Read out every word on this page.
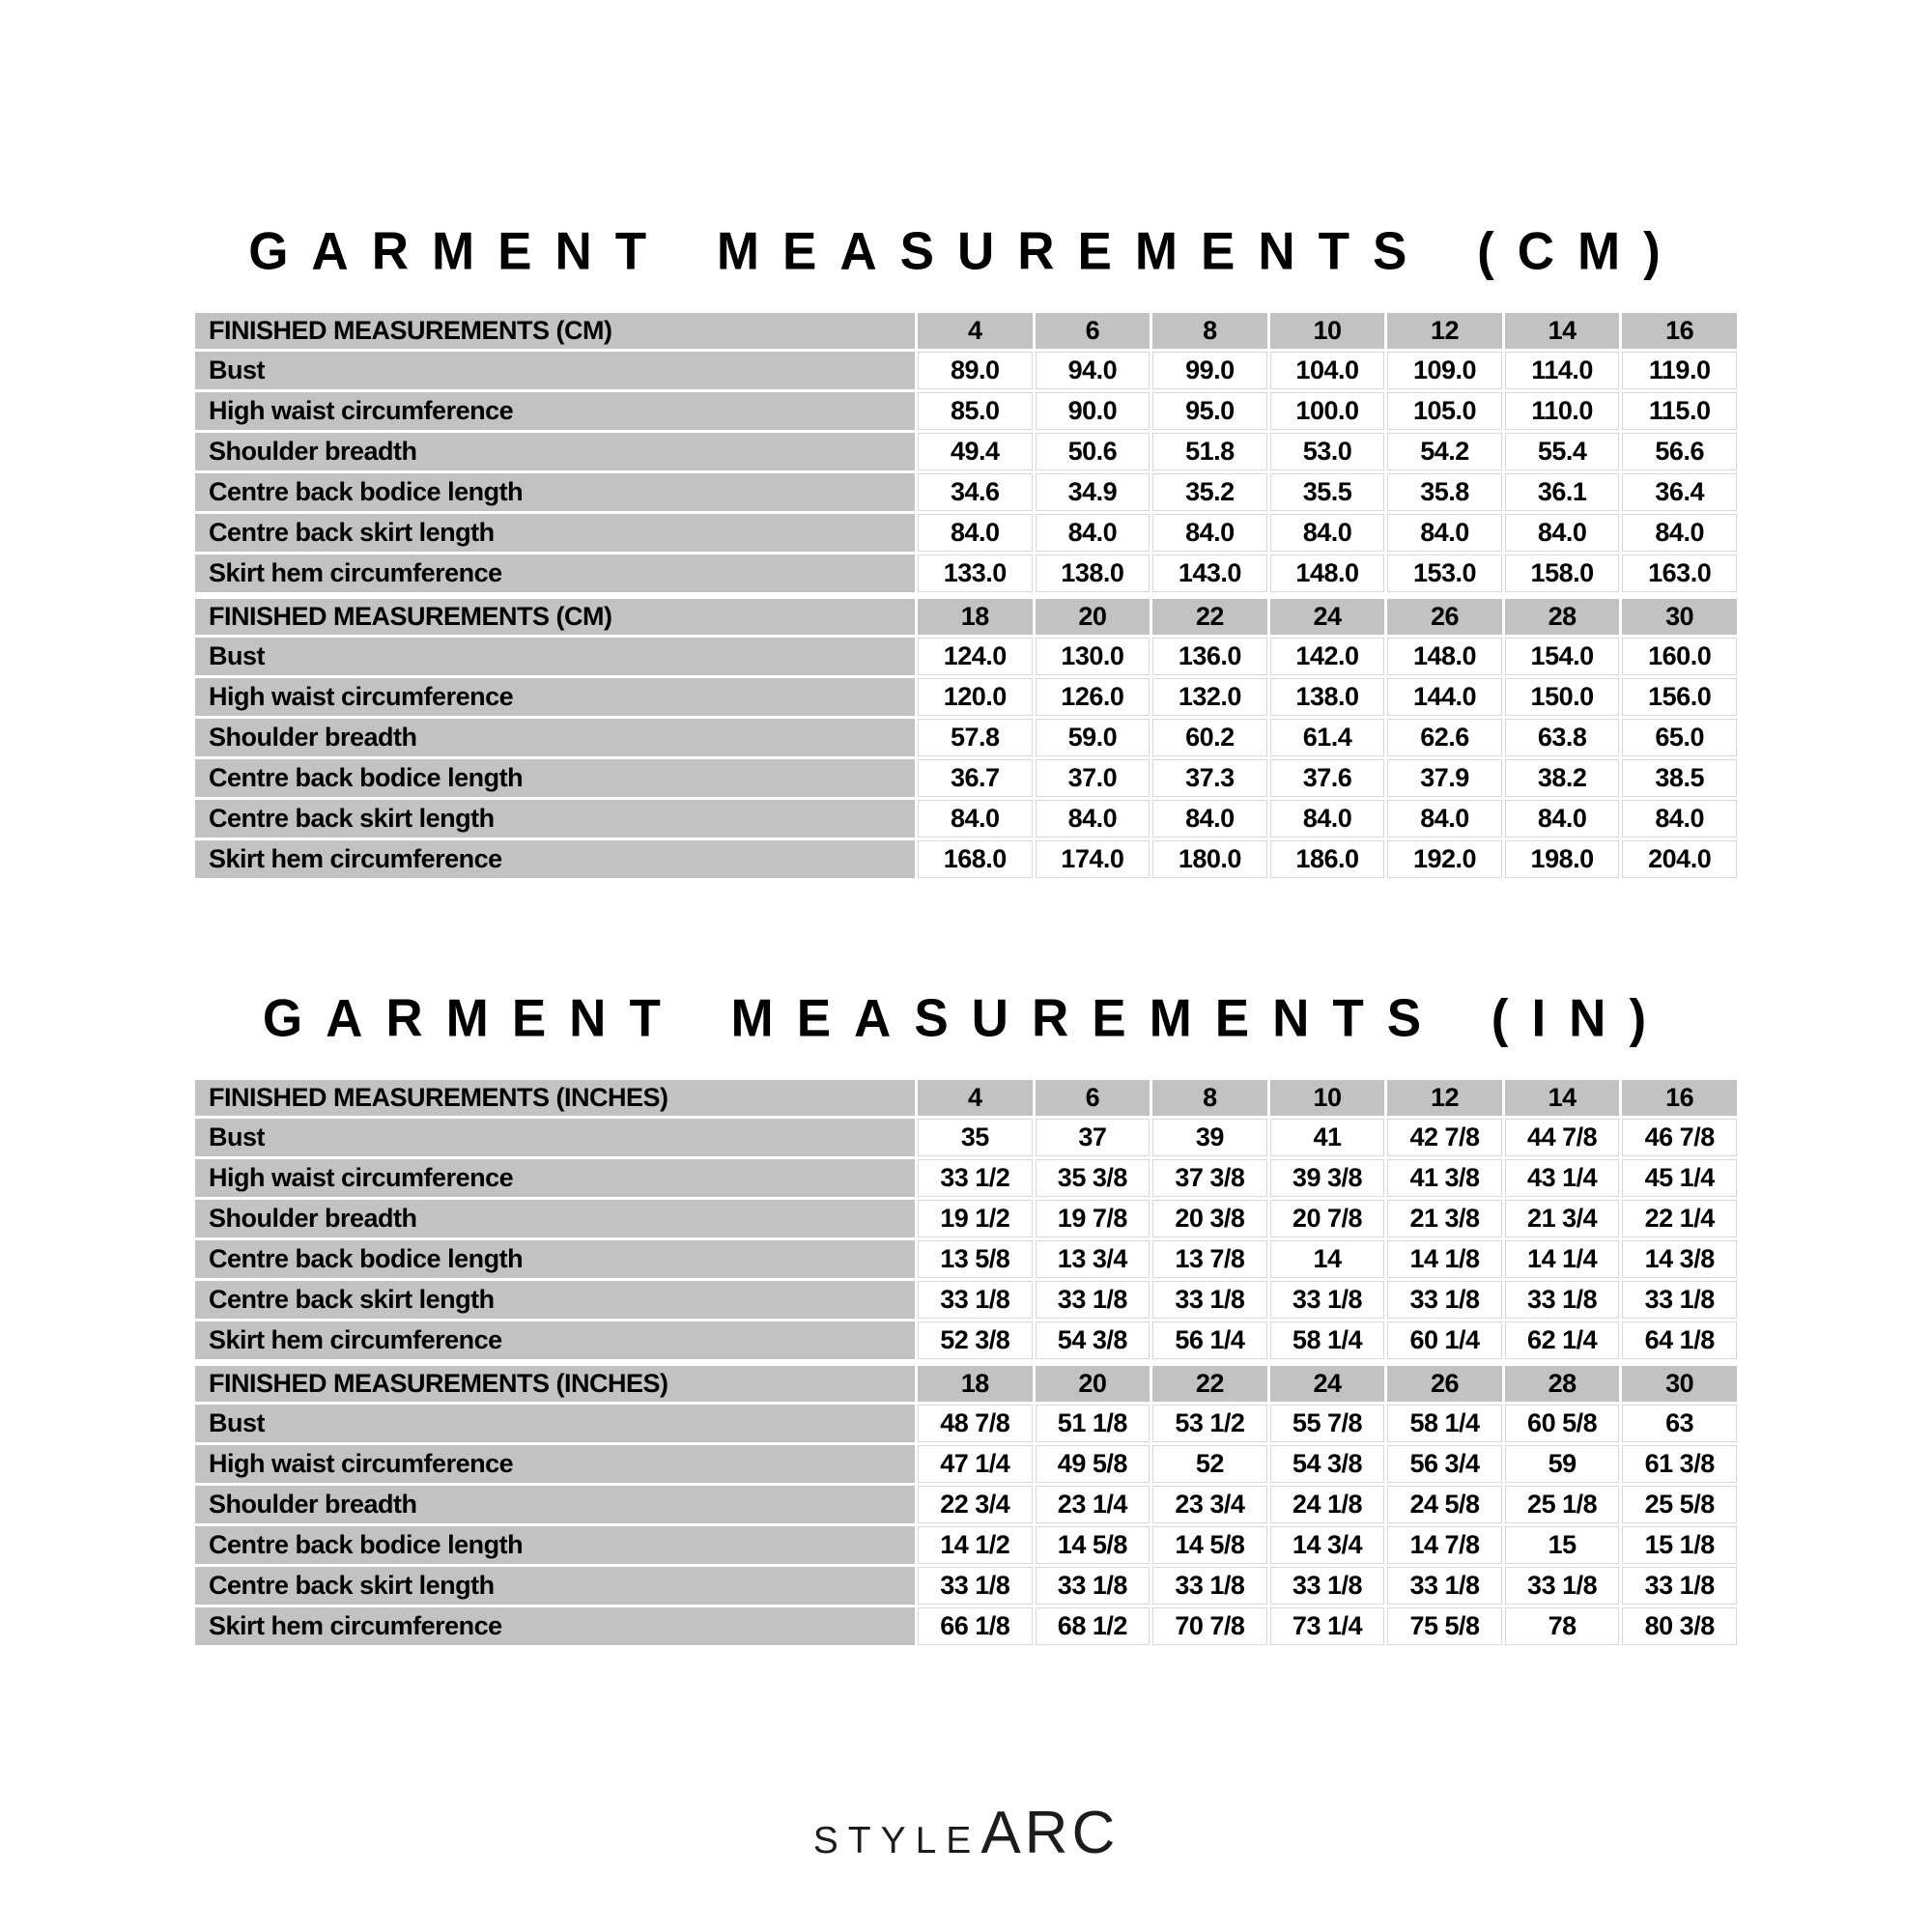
GARMENT MEASUREMENTS (CM)
FINISHED MEASUREMENTS (CM)	4	6	8	10	12	14	16
Bust	89.0	94.0	99.0	104.0	109.0	114.0	119.0
High waist circumference	85.0	90.0	95.0	100.0	105.0	110.0	115.0
Shoulder breadth	49.4	50.6	51.8	53.0	54.2	55.4	56.6
Centre back bodice length	34.6	34.9	35.2	35.5	35.8	36.1	36.4
Centre back skirt length	84.0	84.0	84.0	84.0	84.0	84.0	84.0
Skirt hem circumference	133.0	138.0	143.0	148.0	153.0	158.0	163.0
FINISHED MEASUREMENTS (CM)	18	20	22	24	26	28	30
Bust	124.0	130.0	136.0	142.0	148.0	154.0	160.0
High waist circumference	120.0	126.0	132.0	138.0	144.0	150.0	156.0
Shoulder breadth	57.8	59.0	60.2	61.4	62.6	63.8	65.0
Centre back bodice length	36.7	37.0	37.3	37.6	37.9	38.2	38.5
Centre back skirt length	84.0	84.0	84.0	84.0	84.0	84.0	84.0
Skirt hem circumference	168.0	174.0	180.0	186.0	192.0	198.0	204.0
GARMENT MEASUREMENTS (IN)
FINISHED MEASUREMENTS (INCHES)	4	6	8	10	12	14	16
Bust	35	37	39	41	42 7/8	44 7/8	46 7/8
High waist circumference	33 1/2	35 3/8	37 3/8	39 3/8	41 3/8	43 1/4	45 1/4
Shoulder breadth	19 1/2	19 7/8	20 3/8	20 7/8	21 3/8	21 3/4	22 1/4
Centre back bodice length	13 5/8	13 3/4	13 7/8	14	14 1/8	14 1/4	14 3/8
Centre back skirt length	33 1/8	33 1/8	33 1/8	33 1/8	33 1/8	33 1/8	33 1/8
Skirt hem circumference	52 3/8	54 3/8	56 1/4	58 1/4	60 1/4	62 1/4	64 1/8
FINISHED MEASUREMENTS (INCHES)	18	20	22	24	26	28	30
Bust	48 7/8	51 1/8	53 1/2	55 7/8	58 1/4	60 5/8	63
High waist circumference	47 1/4	49 5/8	52	54 3/8	56 3/4	59	61 3/8
Shoulder breadth	22 3/4	23 1/4	23 3/4	24 1/8	24 5/8	25 1/8	25 5/8
Centre back bodice length	14 1/2	14 5/8	14 5/8	14 3/4	14 7/8	15	15 1/8
Centre back skirt length	33 1/8	33 1/8	33 1/8	33 1/8	33 1/8	33 1/8	33 1/8
Skirt hem circumference	66 1/8	68 1/2	70 7/8	73 1/4	75 5/8	78	80 3/8
STYLE ARC
